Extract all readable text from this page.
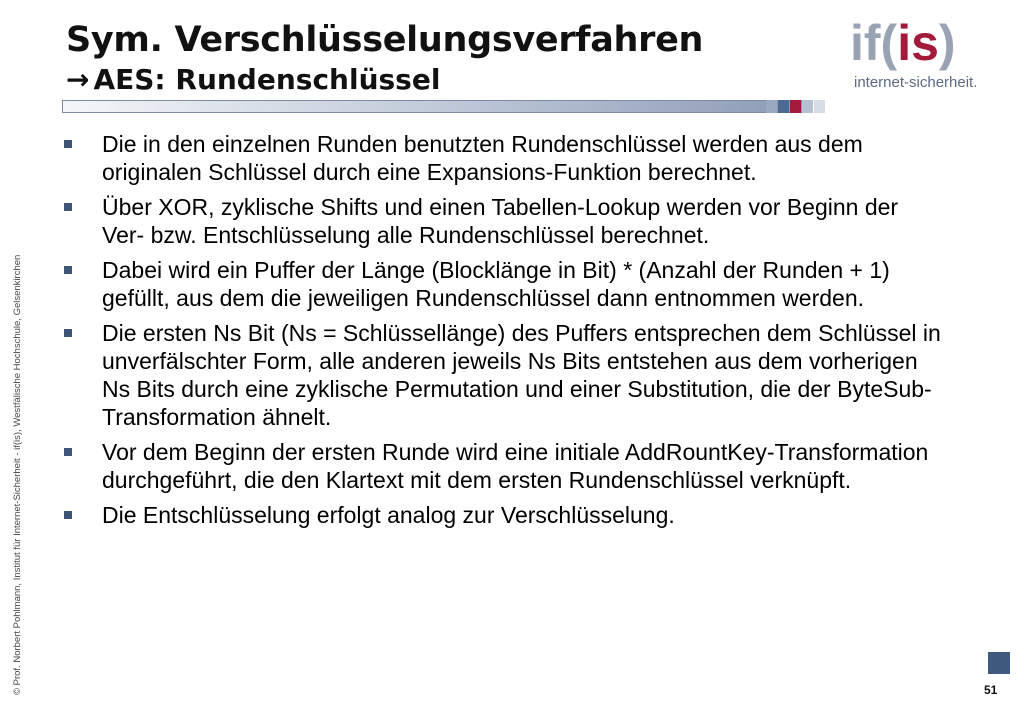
Sym. Verschlüsselungsverfahren
→ AES: Rundenschlüssel
if(is)
internet-sicherheit.
© Prof. Norbert Pohlmann, Institut für Internet-Sicherheit - if(is), Westfälische Hochschule, Gelsenkirchen
Die in den einzelnen Runden benutzten Rundenschlüssel werden aus dem originalen Schlüssel durch eine Expansions-Funktion berechnet.
Über XOR, zyklische Shifts und einen Tabellen-Lookup werden vor Beginn der Ver- bzw. Entschlüsselung alle Rundenschlüssel berechnet.
Dabei wird ein Puffer der Länge (Blocklänge in Bit) * (Anzahl der Runden + 1) gefüllt, aus dem die jeweiligen Rundenschlüssel dann entnommen werden.
Die ersten Ns Bit (Ns = Schlüssellänge) des Puffers entsprechen dem Schlüssel in unverfälschter Form, alle anderen jeweils Ns Bits entstehen aus dem vorherigen Ns Bits durch eine zyklische Permutation und einer Substitution, die der ByteSub-Transformation ähnelt.
Vor dem Beginn der ersten Runde wird eine initiale AddRountKey-Transformation durchgeführt, die den Klartext mit dem ersten Rundenschlüssel verknüpft.
Die Entschlüsselung erfolgt analog zur Verschlüsselung.
51
